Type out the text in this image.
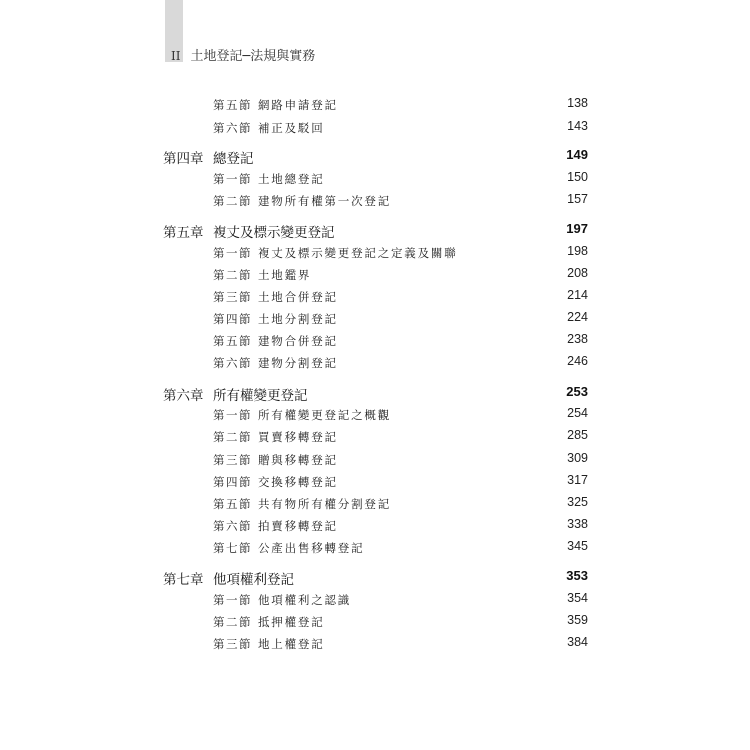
II 土地登記─法規與實務
第五節 網路申請登記	138
第六節 補正及駁回	143
第四章 總登記	149
第一節 土地總登記	150
第二節 建物所有權第一次登記	157
第五章 複丈及標示變更登記	197
第一節 複丈及標示變更登記之定義及關聯	198
第二節 土地鑑界	208
第三節 土地合併登記	214
第四節 土地分割登記	224
第五節 建物合併登記	238
第六節 建物分割登記	246
第六章 所有權變更登記	253
第一節 所有權變更登記之概觀	254
第二節 買賣移轉登記	285
第三節 贈與移轉登記	309
第四節 交換移轉登記	317
第五節 共有物所有權分割登記	325
第六節 拍賣移轉登記	338
第七節 公產出售移轉登記	345
第七章 他項權利登記	353
第一節 他項權利之認識	354
第二節 抵押權登記	359
第三節 地上權登記	384
